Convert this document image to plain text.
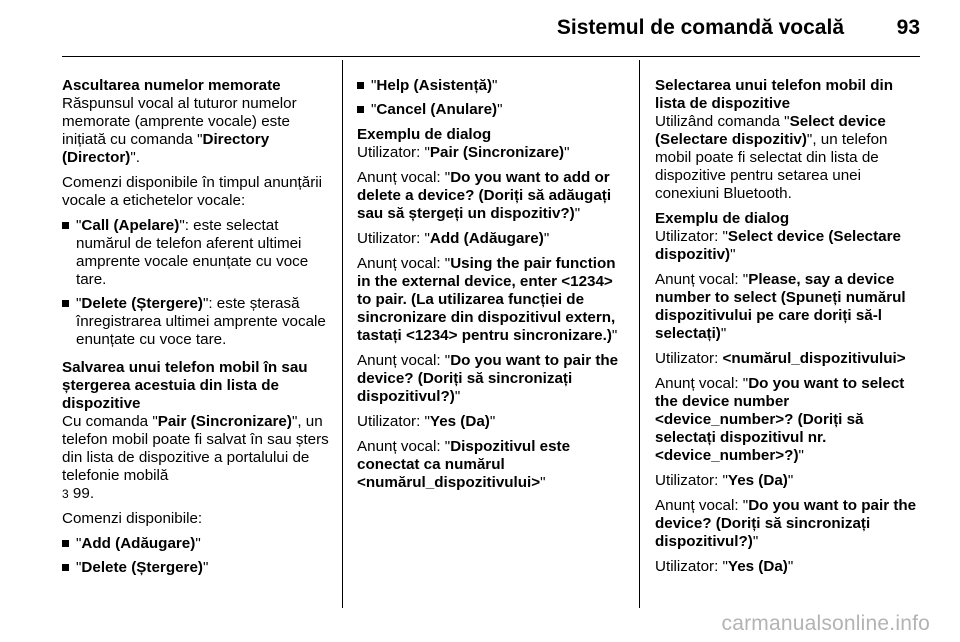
Sistemul de comandă vocală	93

Ascultarea numelor memorate

Răspunsul vocal al tuturor numelor memorate (amprente vocale) este inițiată cu comanda "Directory (Director)".

Comenzi disponibile în timpul anunțării vocale a etichetelor vocale:

"Call (Apelare)": este selectat numărul de telefon aferent ultimei amprente vocale enunțate cu voce tare.
"Delete (Ștergere)": este șterasă înregistrarea ultimei amprente vocale enunțate cu voce tare.

Salvarea unui telefon mobil în sau ștergerea acestuia din lista de dispozitive

Cu comanda "Pair (Sincronizare)", un telefon mobil poate fi salvat în sau șters din lista de dispozitive a portalului de telefonie mobilă
3 99.

Comenzi disponibile:

"Add (Adăugare)"
"Delete (Ștergere)"
"Help (Asistență)"
"Cancel (Anulare)"

Exemplu de dialog

Utilizator: "Pair (Sincronizare)"

Anunț vocal: "Do you want to add or delete a device? (Doriți să adăugați sau să ștergeți un dispozitiv?)"

Utilizator: "Add (Adăugare)"

Anunț vocal: "Using the pair function in the external device, enter <1234> to pair. (La utilizarea funcției de sincronizare din dispozitivul extern, tastați <1234> pentru sincronizare.)"

Anunț vocal: "Do you want to pair the device? (Doriți să sincronizați dispozitivul?)"

Utilizator: "Yes (Da)"

Anunț vocal: "Dispozitivul este conectat ca numărul <numărul_dispozitivului>"

Selectarea unui telefon mobil din lista de dispozitive

Utilizând comanda "Select device (Selectare dispozitiv)", un telefon mobil poate fi selectat din lista de dispozitive pentru setarea unei conexiuni Bluetooth.

Exemplu de dialog

Utilizator: "Select device (Selectare dispozitiv)"

Anunț vocal: "Please, say a device number to select (Spuneți numărul dispozitivului pe care doriți să-l selectați)"

Utilizator: <numărul_dispozitivului>

Anunț vocal: "Do you want to select the device number <device_number>? (Doriți să selectați dispozitivul nr. <device_number>?)"

Utilizator: "Yes (Da)"

Anunț vocal: "Do you want to pair the device? (Doriți să sincronizați dispozitivul?)"

Utilizator: "Yes (Da)"

carmanualsonline.info
